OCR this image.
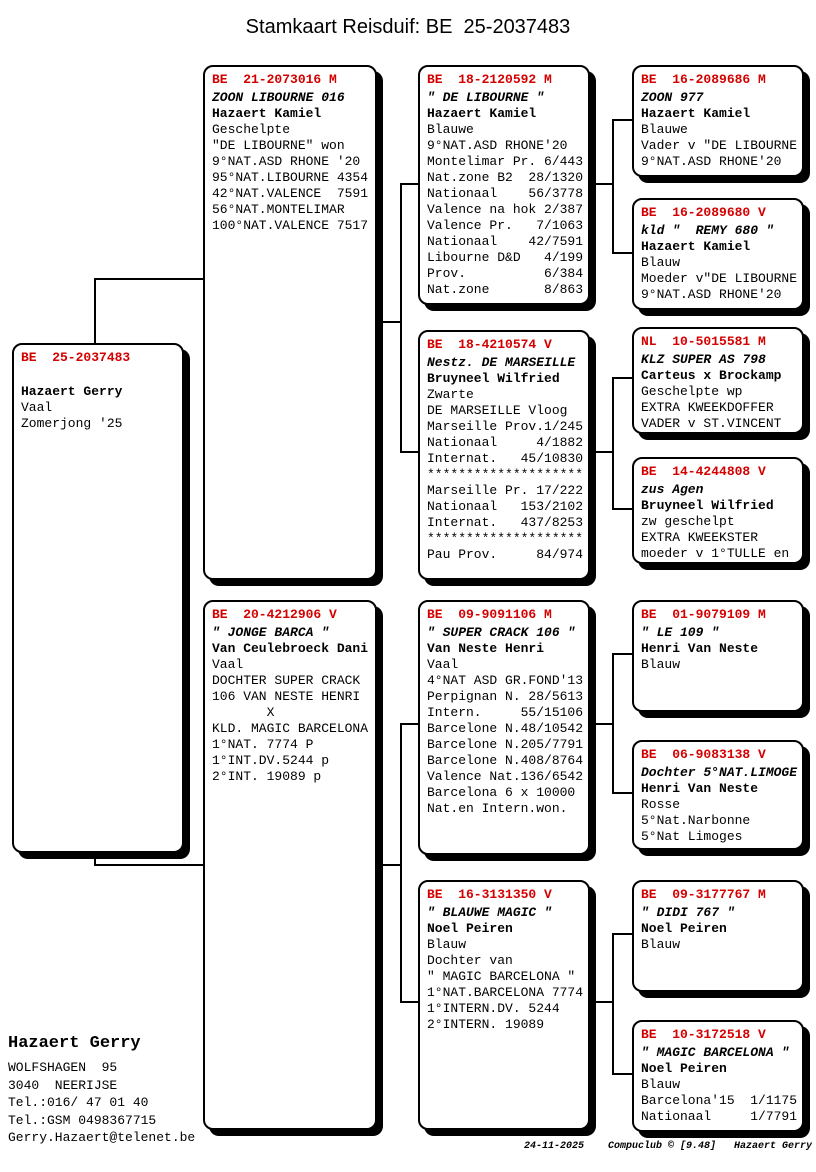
Stamkaart Reisduif: BE  25-2037483
BE  25-2037483
Hazaert Gerry
Vaal
Zomerjong '25
BE  21-2073016 M
ZOON LIBOURNE 016
Hazaert Kamiel
Geschelpte
"DE LIBOURNE" won
9°NAT.ASD RHONE '20
95°NAT.LIBOURNE 4354
42°NAT.VALENCE  7591
56°NAT.MONTELIMAR
100°NAT.VALENCE 7517
BE  20-4212906 V
" JONGE BARCA "
Van Ceulebroeck Dani
Vaal
DOCHTER SUPER CRACK
106 VAN NESTE HENRI
X
KLD. MAGIC BARCELONA
1°NAT. 7774 P
1°INT.DV.5244 p
2°INT. 19089 p
BE  18-2120592 M
" DE LIBOURNE "
Hazaert Kamiel
Blauwe
9°NAT.ASD RHONE'20
Montelimar Pr. 6/443
Nat.zone B2  28/1320
Nationaal    56/3778
Valence na hok 2/387
Valence Pr.   7/1063
Nationaal    42/7591
Libourne D&D   4/199
Prov.          6/384
Nat.zone       8/863
BE  18-4210574 V
Nestz. DE MARSEILLE
Bruyneel Wilfried
Zwarte
DE MARSEILLE Vloog
Marseille Prov.1/245
Nationaal     4/1882
Internat.   45/10830
********************
Marseille Pr. 17/222
Nationaal   153/2102
Internat.   437/8253
********************
Pau Prov.     84/974
BE  09-9091106 M
" SUPER CRACK 106 "
Van Neste Henri
Vaal
4°NAT ASD GR.FOND'13
Perpignan N. 28/5613
Intern.     55/15106
Barcelone N.48/10542
Barcelone N.205/7791
Barcelone N.408/8764
Valence Nat.136/6542
Barcelona 6 x 10000
Nat.en Intern.won.
BE  16-3131350 V
" BLAUWE MAGIC "
Noel Peiren
Blauw
Dochter van
" MAGIC BARCELONA "
1°NAT.BARCELONA 7774
1°INTERN.DV. 5244
2°INTERN. 19089
BE  16-2089686 M
ZOON 977
Hazaert Kamiel
Blauwe
Vader v "DE LIBOURNE
9°NAT.ASD RHONE'20
BE  16-2089680 V
kld "  REMY 680 "
Hazaert Kamiel
Blauw
Moeder v"DE LIBOURNE
9°NAT.ASD RHONE'20
NL  10-5015581 M
KLZ SUPER AS 798
Carteus x Brockamp
Geschelpte wp
EXTRA KWEEKDOFFER
VADER v ST.VINCENT
BE  14-4244808 V
zus Agen
Bruyneel Wilfried
zw geschelpt
EXTRA KWEEKSTER
moeder v 1°TULLE en
BE  01-9079109 M
" LE 109 "
Henri Van Neste
Blauw
BE  06-9083138 V
Dochter 5°NAT.LIMOGE
Henri Van Neste
Rosse
5°Nat.Narbonne
5°Nat Limoges
BE  09-3177767 M
" DIDI 767 "
Noel Peiren
Blauw
BE  10-3172518 V
" MAGIC BARCELONA "
Noel Peiren
Blauw
Barcelona'15  1/1175
Nationaal     1/7791
Hazaert Gerry
WOLFSHAGEN  95
3040  NEERIJSE
Tel.:016/ 47 01 40
Tel.:GSM 0498367715
Gerry.Hazaert@telenet.be
24-11-2025    Compuclub © [9.48]   Hazaert Gerry
